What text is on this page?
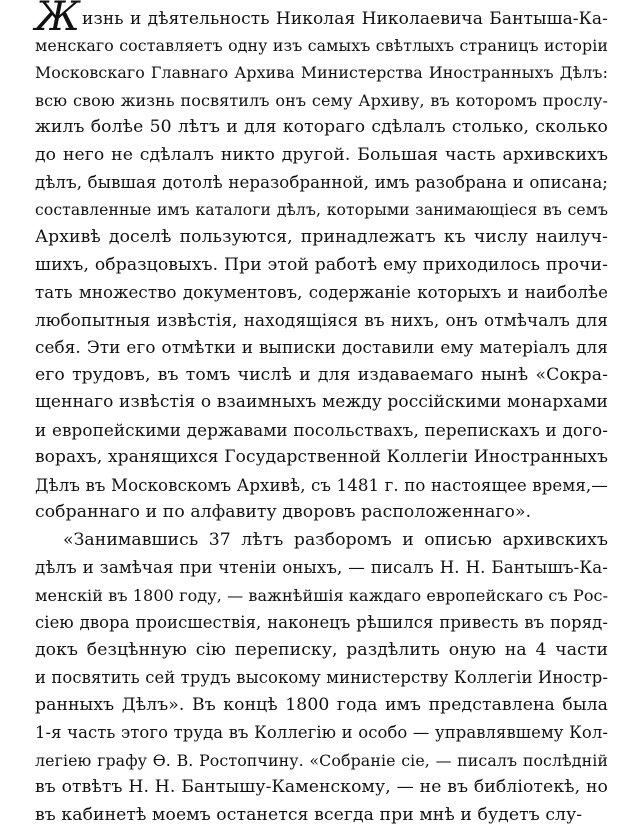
Жизнь и дѣятельность Николая Николаевича Бантыша-Ка-
менскаго составляетъ одну изъ самыхъ свѣтлыхъ страницъ исторіи
Московскаго Главнаго Архива Министерства Иностранныхъ Дѣлъ:
всю свою жизнь посвятилъ онъ сему Архиву, въ которомъ прослу-
жилъ болѣе 50 лѣтъ и для котораго сдѣлалъ столько, сколько
до него не сдѣлалъ никто другой. Большая часть архивскихъ
дѣлъ, бывшая дотолѣ неразобранной, имъ разобрана и описана;
составленные имъ каталоги дѣлъ, которыми занимающіеся въ семъ
Архивѣ доселѣ пользуются, принадлежатъ къ числу наилуч-
шихъ, образцовыхъ. При этой работѣ ему приходилось прочи-
тать множество документовъ, содержаніе которыхъ и наиболѣе
любопытныя извѣстія, находящіяся въ нихъ, онъ отмѣчалъ для
себя. Эти его отмѣтки и выписки доставили ему матеріалъ для
его трудовъ, въ томъ числѣ и для издаваемаго нынѣ «Сокра-
щеннаго извѣстія о взаимныхъ между россійскими монархами
и европейскими державами посольствахъ, перепискахъ и дого-
ворахъ, хранящихся Государственной Коллегіи Иностранныхъ
Дѣлъ въ Московскомъ Архивѣ, съ 1481 г. по настоящее время,—
собраннаго и по алфавиту дворовъ расположеннаго».
«Занимавшись 37 лѣтъ разборомъ и описью архивскихъ
дѣлъ и замѣчая при чтеніи оныхъ, — писалъ Н. Н. Бантышъ-Ка-
менскій въ 1800 году, — важнѣйшія каждаго европейскаго съ Рос-
сіею двора происшествія, наконецъ рѣшился привесть въ поряд-
докъ безцѣнную сію переписку, раздѣлить оную на 4 части
и посвятить сей трудъ высокому министерству Коллегіи Иностр-
ранныхъ Дѣлъ». Въ концѣ 1800 года имъ представлена была
1-я часть этого труда въ Коллегію и особо — управлявшему Кол-
легіею графу Ѳ. В. Ростопчину. «Собраніе сіе, — писалъ послѣдній
въ отвѣтъ Н. Н. Бантышу-Каменскому, — не въ библіотекѣ, но
въ кабинетѣ моемъ останется всегда при мнѣ и будетъ слу-
